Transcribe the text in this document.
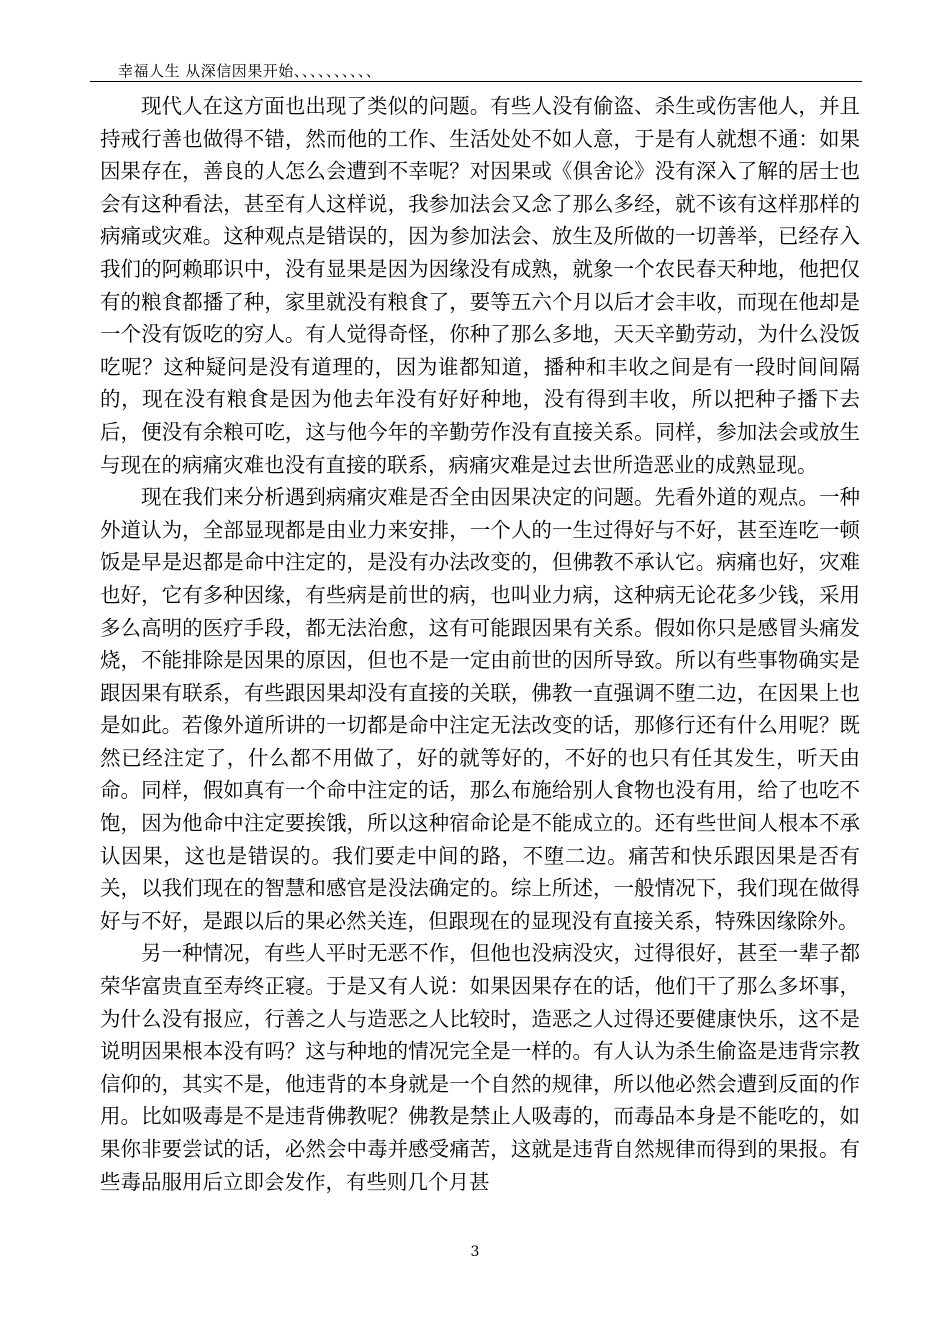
幸福人生 从深信因果开始、、、、、、、、、、

现代人在这方面也出现了类似的问题。有些人没有偷盗、杀生或伤害他人，并且持戒行善也做得不错，然而他的工作、生活处处不如人意，于是有人就想不通：如果因果存在，善良的人怎么会遭到不幸呢？对因果或《俱舍论》没有深入了解的居士也会有这种看法，甚至有人这样说，我参加法会又念了那么多经，就不该有这样那样的病痛或灾难。这种观点是错误的，因为参加法会、放生及所做的一切善举，已经存入我们的阿赖耶识中，没有显果是因为因缘没有成熟，就象一个农民春天种地，他把仅有的粮食都播了种，家里就没有粮食了，要等五六个月以后才会丰收，而现在他却是一个没有饭吃的穷人。有人觉得奇怪，你种了那么多地，天天辛勤劳动，为什么没饭吃呢？这种疑问是没有道理的，因为谁都知道，播种和丰收之间是有一段时间间隔的，现在没有粮食是因为他去年没有好好种地，没有得到丰收，所以把种子播下去后，便没有余粮可吃，这与他今年的辛勤劳作没有直接关系。同样，参加法会或放生与现在的病痛灾难也没有直接的联系，病痛灾难是过去世所造恶业的成熟显现。

现在我们来分析遇到病痛灾难是否全由因果决定的问题。先看外道的观点。一种外道认为，全部显现都是由业力来安排，一个人的一生过得好与不好，甚至连吃一顿饭是早是迟都是命中注定的，是没有办法改变的，但佛教不承认它。病痛也好，灾难也好，它有多种因缘，有些病是前世的病，也叫业力病，这种病无论花多少钱，采用多么高明的医疗手段，都无法治愈，这有可能跟因果有关系。假如你只是感冒头痛发烧，不能排除是因果的原因，但也不是一定由前世的因所导致。所以有些事物确实是跟因果有联系，有些跟因果却没有直接的关联，佛教一直强调不堕二边，在因果上也是如此。若像外道所讲的一切都是命中注定无法改变的话，那修行还有什么用呢？既然已经注定了，什么都不用做了，好的就等好的，不好的也只有任其发生，听天由命。同样，假如真有一个命中注定的话，那么布施给别人食物也没有用，给了也吃不饱，因为他命中注定要挨饿，所以这种宿命论是不能成立的。还有些世间人根本不承认因果，这也是错误的。我们要走中间的路，不堕二边。痛苦和快乐跟因果是否有关，以我们现在的智慧和感官是没法确定的。综上所述，一般情况下，我们现在做得好与不好，是跟以后的果必然关连，但跟现在的显现没有直接关系，特殊因缘除外。

另一种情况，有些人平时无恶不作，但他也没病没灾，过得很好，甚至一辈子都荣华富贵直至寿终正寝。于是又有人说：如果因果存在的话，他们干了那么多坏事，为什么没有报应，行善之人与造恶之人比较时，造恶之人过得还要健康快乐，这不是说明因果根本没有吗？这与种地的情况完全是一样的。有人认为杀生偷盗是违背宗教信仰的，其实不是，他违背的本身就是一个自然的规律，所以他必然会遭到反面的作用。比如吸毒是不是违背佛教呢？佛教是禁止人吸毒的，而毒品本身是不能吃的，如果你非要尝试的话，必然会中毒并感受痛苦，这就是违背自然规律而得到的果报。有些毒品服用后立即会发作，有些则几个月甚

3
